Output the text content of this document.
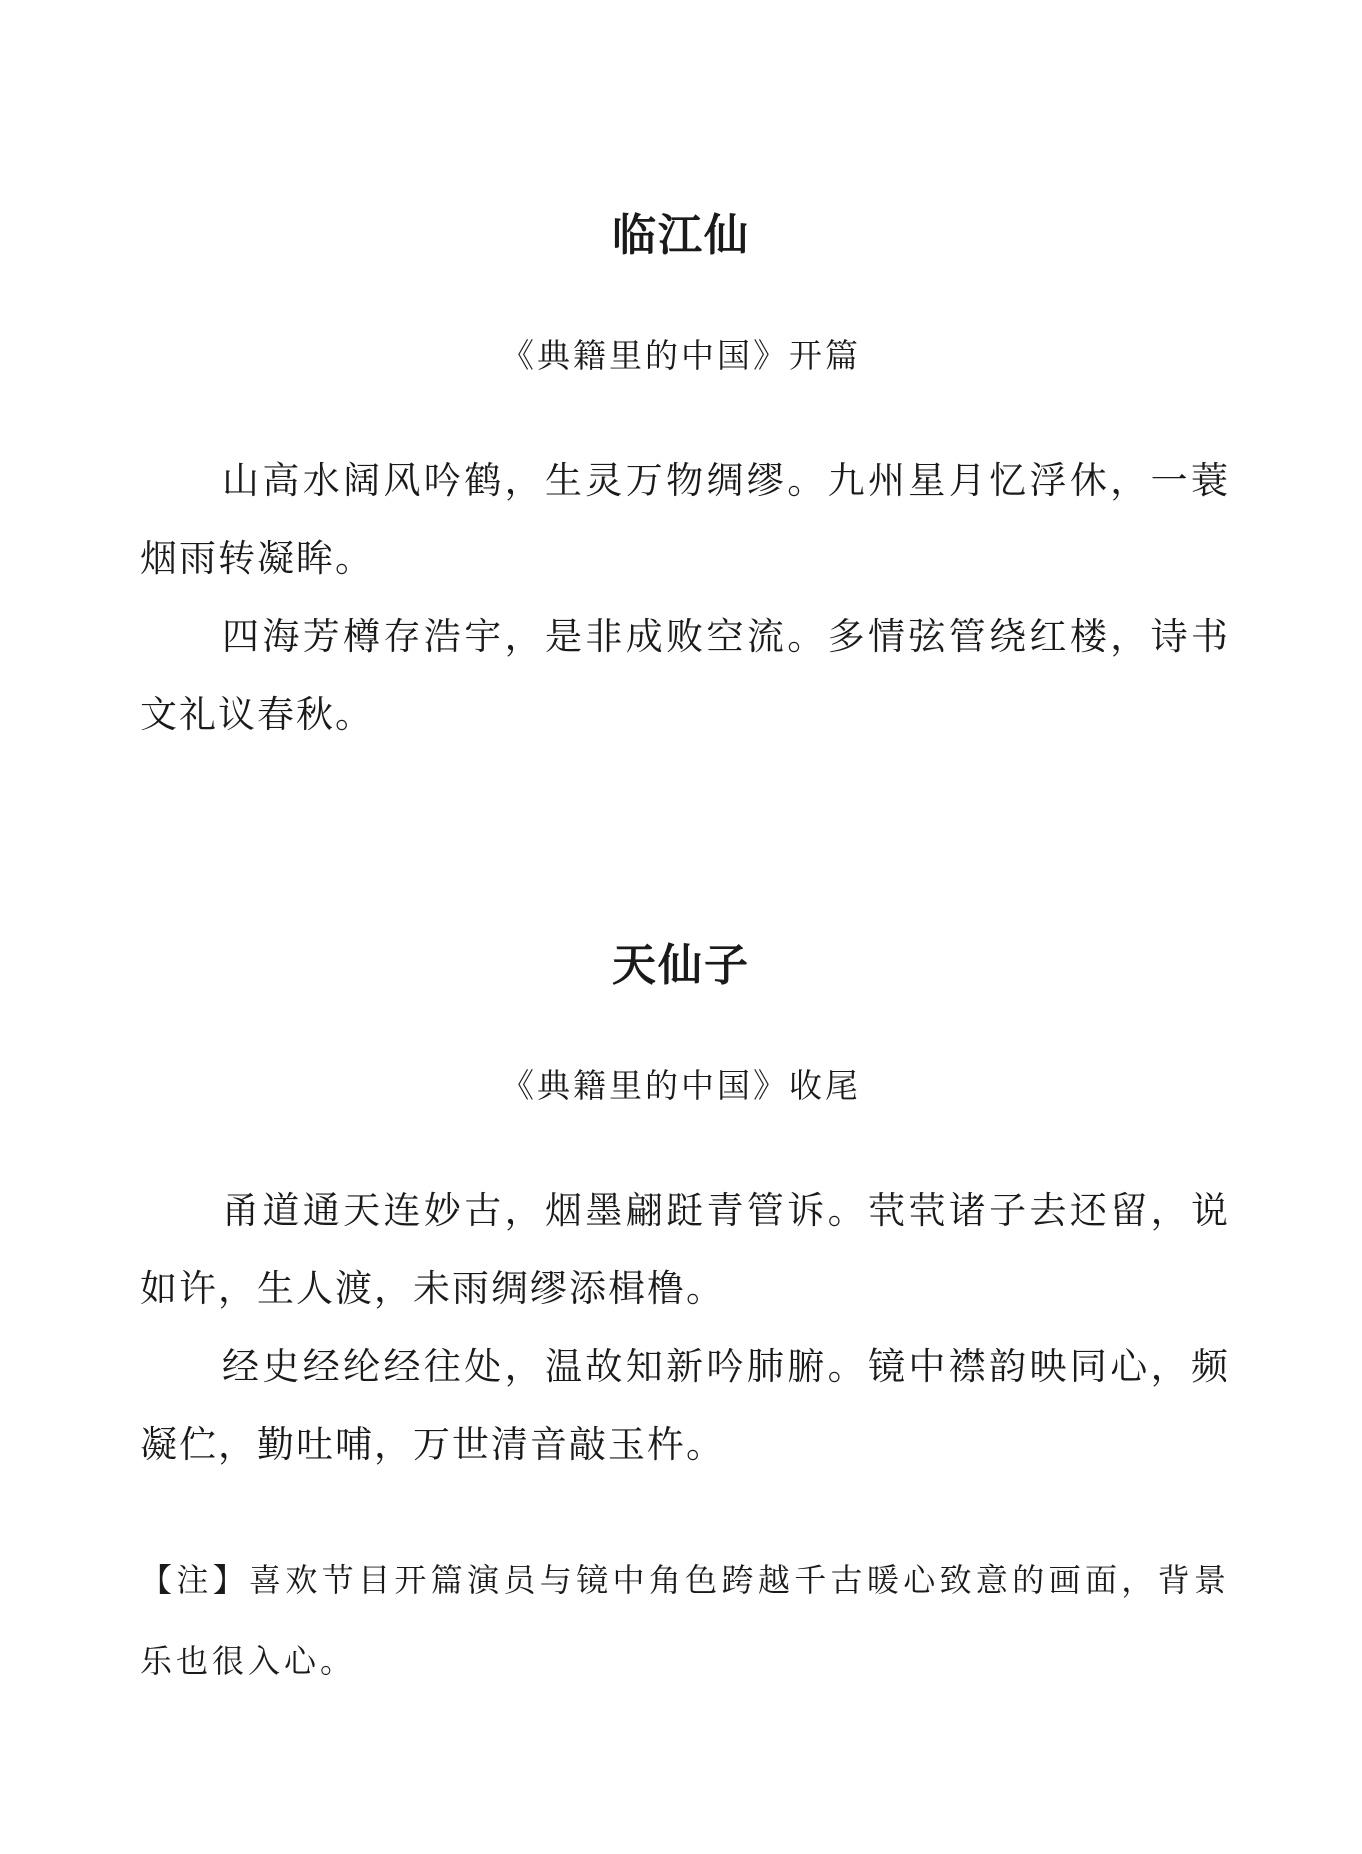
临江仙
《典籍里的中国》开篇

山高水阔风吟鹤，生灵万物绸缪。九州星月忆浮休，一蓑烟雨转凝眸。

四海芳樽存浩宇，是非成败空流。多情弦管绕红楼，诗书文礼议春秋。

天仙子
《典籍里的中国》收尾

甬道通天连妙古，烟墨翩跹青管诉。茕茕诸子去还留，说如许，生人渡，未雨绸缪添楫橹。

经史经纶经往处，温故知新吟肺腑。镜中襟韵映同心，频凝伫，勤吐哺，万世清音敲玉杵。

【注】喜欢节目开篇演员与镜中角色跨越千古暖心致意的画面，背景乐也很入心。
